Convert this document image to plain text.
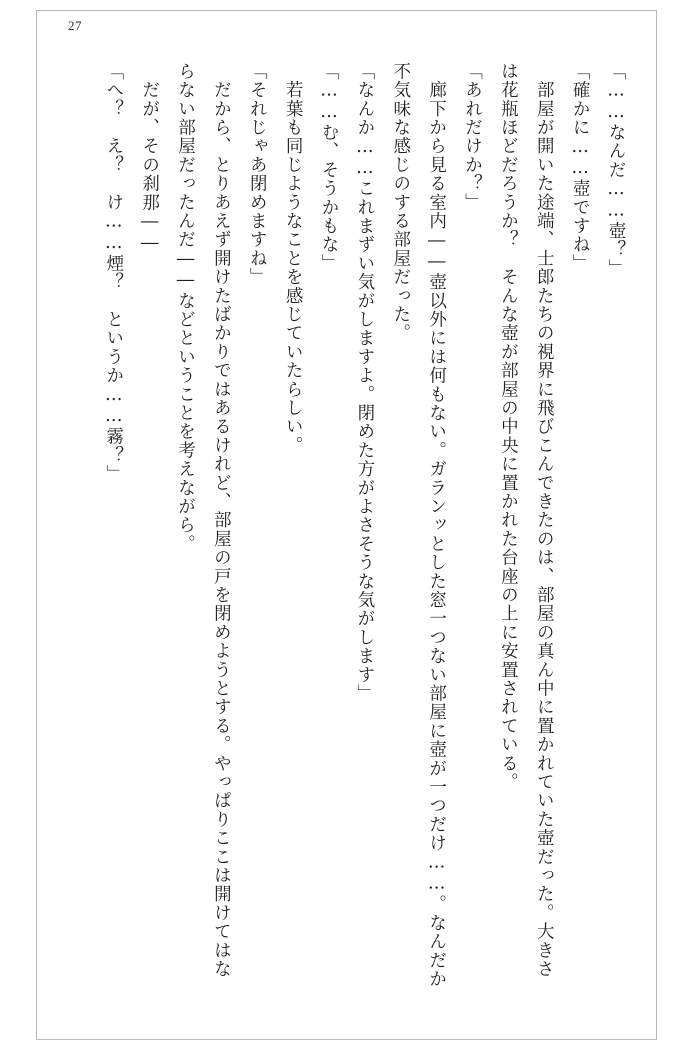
27

「……なんだ……壺？」

「確かに……壺ですね」

　部屋が開いた途端、士郎たちの視界に飛びこんできたのは、部屋の真ん中に置かれていた壺だった。大きさは花瓶ほどだろうか？　そんな壺が部屋の中央に置かれた台座の上に安置されている。

「あれだけか？」

　廊下から見る室内――壺以外には何もない。ガランッとした窓一つない部屋に壺が一つだけ……。なんだか不気味な感じのする部屋だった。

「なんか……これまずい気がしますよ。閉めた方がよさそうな気がします」

「……む、そうかもな」

　若葉も同じようなことを感じていたらしい。

「それじゃあ閉めますね」

　だから、とりあえず開けたばかりではあるけれど、部屋の戸を閉めようとする。やっぱりここは開けてはならない部屋だったんだ――などということを考えながら。

　だが、その刹那――

「へ？　え？　け……煙？　というか……霧？」
